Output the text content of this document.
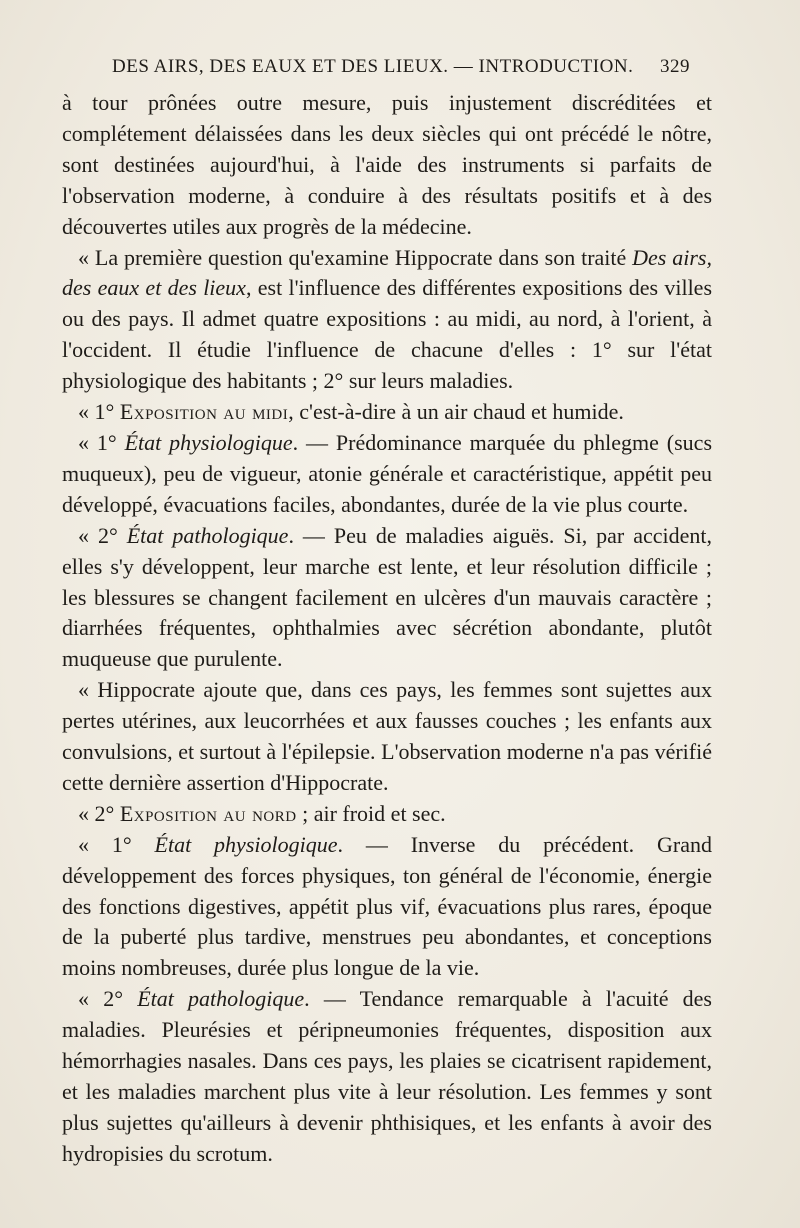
DES AIRS, DES EAUX ET DES LIEUX. — INTRODUCTION. 329

à tour prônées outre mesure, puis injustement discréditées et complétement délaissées dans les deux siècles qui ont précédé le nôtre, sont destinées aujourd'hui, à l'aide des instruments si parfaits de l'observation moderne, à conduire à des résultats positifs et à des découvertes utiles aux progrès de la médecine.

« La première question qu'examine Hippocrate dans son traité Des airs, des eaux et des lieux, est l'influence des différentes expositions des villes ou des pays. Il admet quatre expositions : au midi, au nord, à l'orient, à l'occident. Il étudie l'influence de chacune d'elles : 1° sur l'état physiologique des habitants ; 2° sur leurs maladies.

« 1° Exposition au midi, c'est-à-dire à un air chaud et humide.

« 1° État physiologique. — Prédominance marquée du phlegme (sucs muqueux), peu de vigueur, atonie générale et caractéristique, appétit peu développé, évacuations faciles, abondantes, durée de la vie plus courte.

« 2° État pathologique. — Peu de maladies aiguës. Si, par accident, elles s'y développent, leur marche est lente, et leur résolution difficile ; les blessures se changent facilement en ulcères d'un mauvais caractère ; diarrhées fréquentes, ophthalmies avec sécrétion abondante, plutôt muqueuse que purulente.

« Hippocrate ajoute que, dans ces pays, les femmes sont sujettes aux pertes utérines, aux leucorrhées et aux fausses couches ; les enfants aux convulsions, et surtout à l'épilepsie. L'observation moderne n'a pas vérifié cette dernière assertion d'Hippocrate.

« 2° Exposition au nord ; air froid et sec.

« 1° État physiologique. — Inverse du précédent. Grand développement des forces physiques, ton général de l'économie, énergie des fonctions digestives, appétit plus vif, évacuations plus rares, époque de la puberté plus tardive, menstrues peu abondantes, et conceptions moins nombreuses, durée plus longue de la vie.

« 2° État pathologique. — Tendance remarquable à l'acuité des maladies. Pleurésies et péripneumonies fréquentes, disposition aux hémorrhagies nasales. Dans ces pays, les plaies se cicatrisent rapidement, et les maladies marchent plus vite à leur résolution. Les femmes y sont plus sujettes qu'ailleurs à devenir phthisiques, et les enfants à avoir des hydropisies du scrotum.
